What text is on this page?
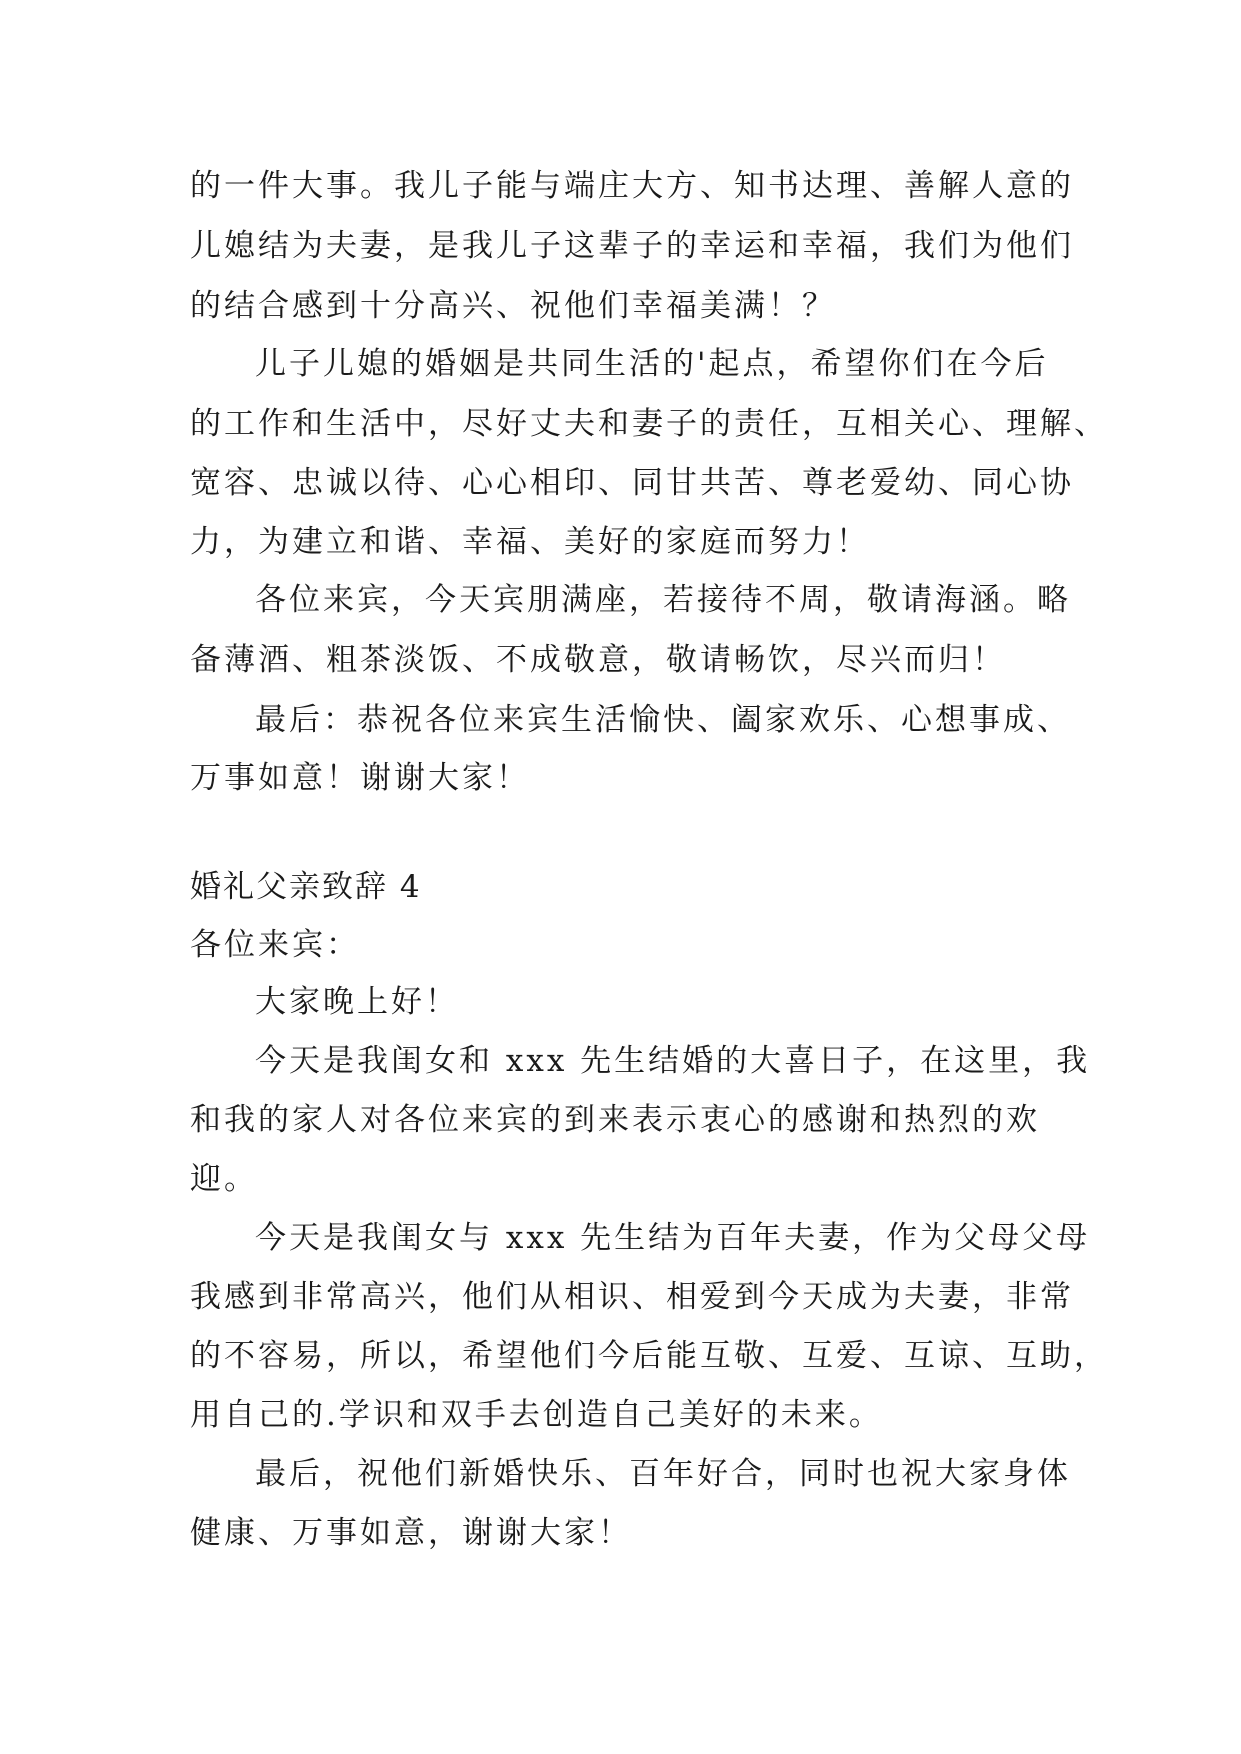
的一件大事。我儿子能与端庄大方、知书达理、善解人意的
儿媳结为夫妻，是我儿子这辈子的幸运和幸福，我们为他们
的结合感到十分高兴、祝他们幸福美满！？
儿子儿媳的婚姻是共同生活的'起点，希望你们在今后
的工作和生活中，尽好丈夫和妻子的责任，互相关心、理解、
宽容、忠诚以待、心心相印、同甘共苦、尊老爱幼、同心协
力，为建立和谐、幸福、美好的家庭而努力！
各位来宾，今天宾朋满座，若接待不周，敬请海涵。略
备薄酒、粗茶淡饭、不成敬意，敬请畅饮，尽兴而归！
最后：恭祝各位来宾生活愉快、阖家欢乐、心想事成、
万事如意！谢谢大家！
婚礼父亲致辞 4
各位来宾：
大家晚上好！
今天是我闺女和 xxx 先生结婚的大喜日子，在这里，我
和我的家人对各位来宾的到来表示衷心的感谢和热烈的欢
迎。
今天是我闺女与 xxx 先生结为百年夫妻，作为父母父母
我感到非常高兴，他们从相识、相爱到今天成为夫妻，非常
的不容易，所以，希望他们今后能互敬、互爱、互谅、互助，
用自己的.学识和双手去创造自己美好的未来。
最后，祝他们新婚快乐、百年好合，同时也祝大家身体
健康、万事如意，谢谢大家！
